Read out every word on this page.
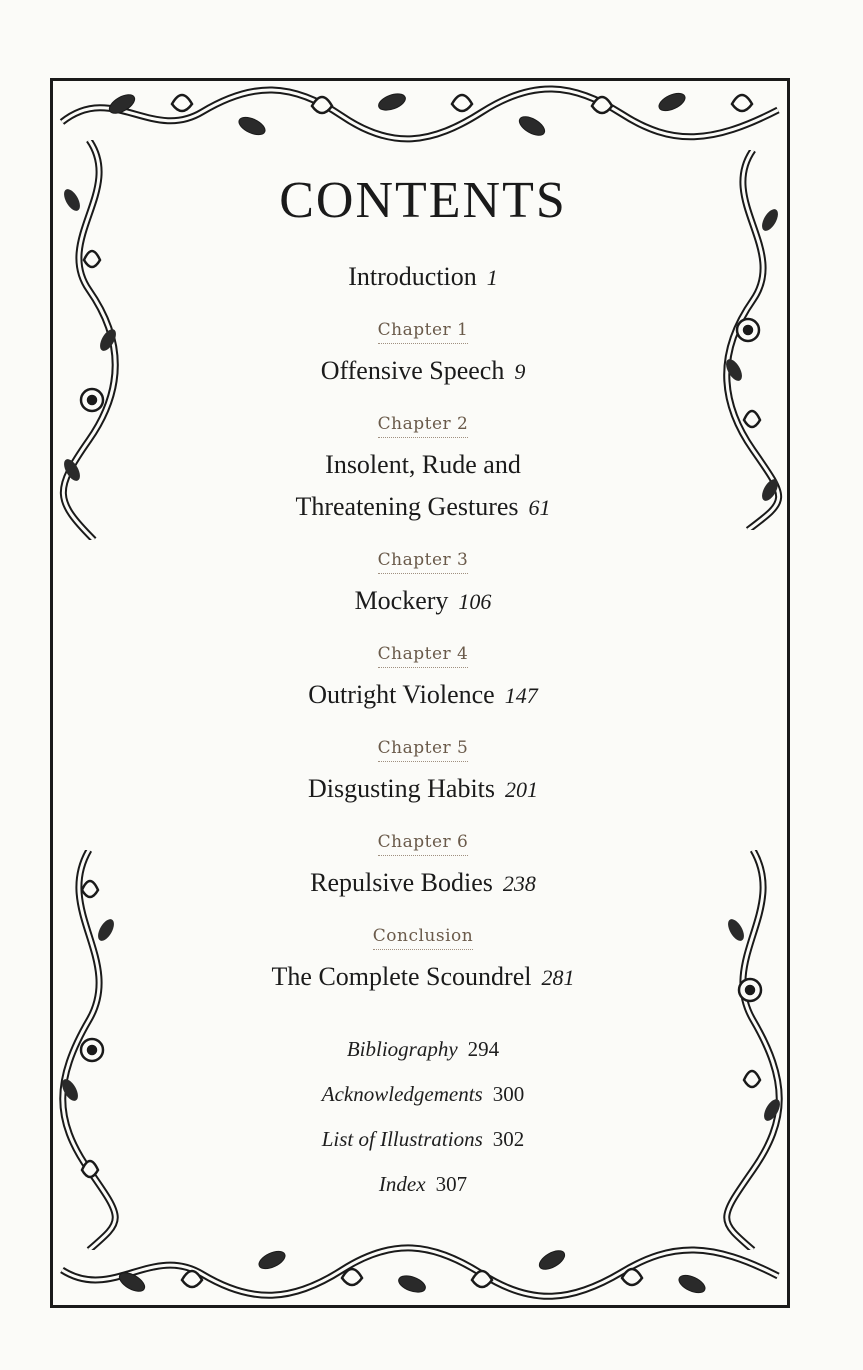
CONTENTS
Introduction 1
Chapter 1
Offensive Speech 9
Chapter 2
Insolent, Rude and
Threatening Gestures 61
Chapter 3
Mockery 106
Chapter 4
Outright Violence 147
Chapter 5
Disgusting Habits 201
Chapter 6
Repulsive Bodies 238
Conclusion
The Complete Scoundrel 281
Bibliography 294
Acknowledgements 300
List of Illustrations 302
Index 307
